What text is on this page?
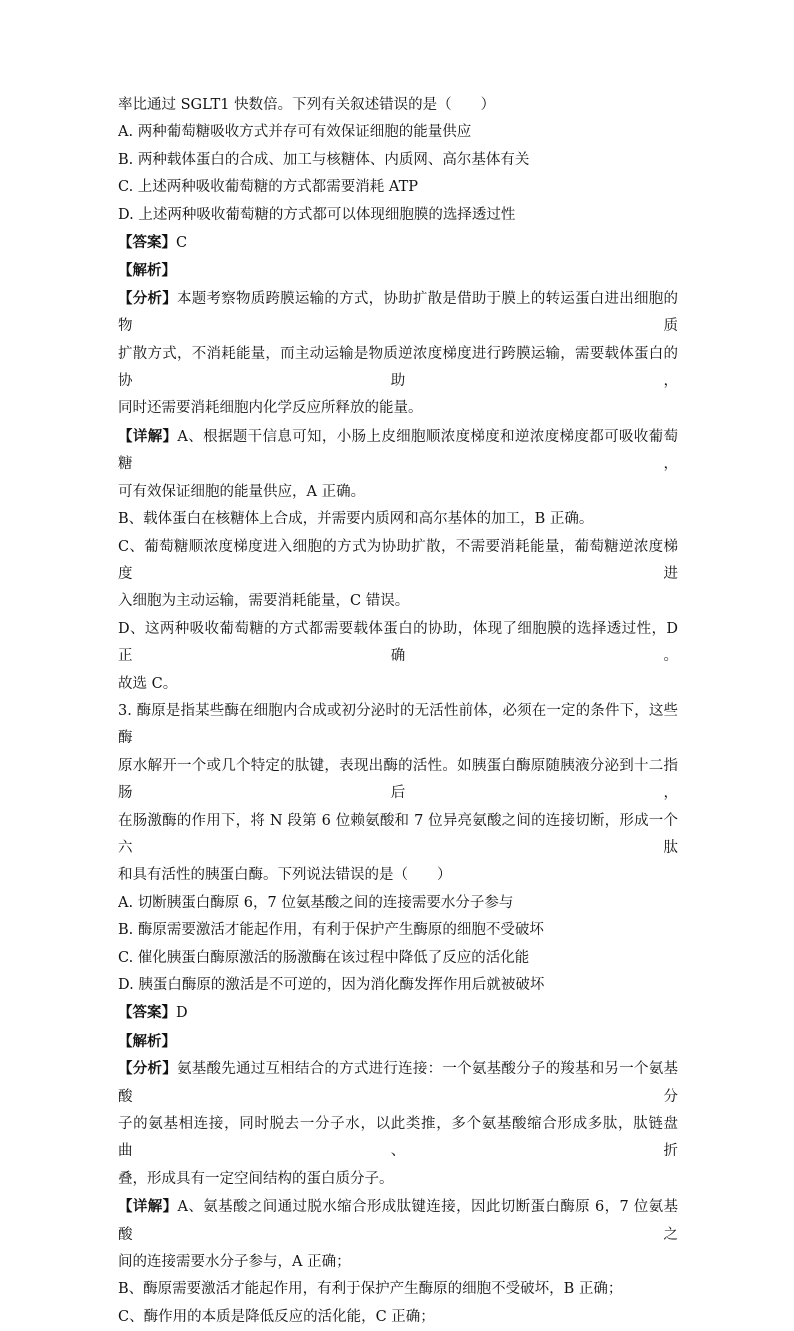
率比通过 SGLT1 快数倍。下列有关叙述错误的是（　　）
A. 两种葡萄糖吸收方式并存可有效保证细胞的能量供应
B. 两种载体蛋白的合成、加工与核糖体、内质网、高尔基体有关
C. 上述两种吸收葡萄糖的方式都需要消耗 ATP
D. 上述两种吸收葡萄糖的方式都可以体现细胞膜的选择透过性
【答案】C
【解析】
【分析】本题考察物质跨膜运输的方式，协助扩散是借助于膜上的转运蛋白进出细胞的物质
扩散方式，不消耗能量，而主动运输是物质逆浓度梯度进行跨膜运输，需要载体蛋白的协助，
同时还需要消耗细胞内化学反应所释放的能量。
【详解】A、根据题干信息可知，小肠上皮细胞顺浓度梯度和逆浓度梯度都可吸收葡萄糖，
可有效保证细胞的能量供应，A 正确。
B、载体蛋白在核糖体上合成，并需要内质网和高尔基体的加工，B 正确。
C、葡萄糖顺浓度梯度进入细胞的方式为协助扩散，不需要消耗能量，葡萄糖逆浓度梯度进
入细胞为主动运输，需要消耗能量，C 错误。
D、这两种吸收葡萄糖的方式都需要载体蛋白的协助，体现了细胞膜的选择透过性，D 正确。
故选 C。
3. 酶原是指某些酶在细胞内合成或初分泌时的无活性前体，必须在一定的条件下，这些酶
原水解开一个或几个特定的肽键，表现出酶的活性。如胰蛋白酶原随胰液分泌到十二指肠后，
在肠激酶的作用下，将 N 段第 6 位赖氨酸和 7 位异亮氨酸之间的连接切断，形成一个六肽
和具有活性的胰蛋白酶。下列说法错误的是（　　）
A. 切断胰蛋白酶原 6，7 位氨基酸之间的连接需要水分子参与
B. 酶原需要激活才能起作用，有利于保护产生酶原的细胞不受破坏
C. 催化胰蛋白酶原激活的肠激酶在该过程中降低了反应的活化能
D. 胰蛋白酶原的激活是不可逆的，因为消化酶发挥作用后就被破坏
【答案】D
【解析】
【分析】氨基酸先通过互相结合的方式进行连接：一个氨基酸分子的羧基和另一个氨基酸分
子的氨基相连接，同时脱去一分子水，以此类推，多个氨基酸缩合形成多肽，肽链盘曲、折
叠，形成具有一定空间结构的蛋白质分子。
【详解】A、氨基酸之间通过脱水缩合形成肽键连接，因此切断蛋白酶原 6，7 位氨基酸之
间的连接需要水分子参与，A 正确；
B、酶原需要激活才能起作用，有利于保护产生酶原的细胞不受破坏，B 正确；
C、酶作用的本质是降低反应的活化能，C 正确；
